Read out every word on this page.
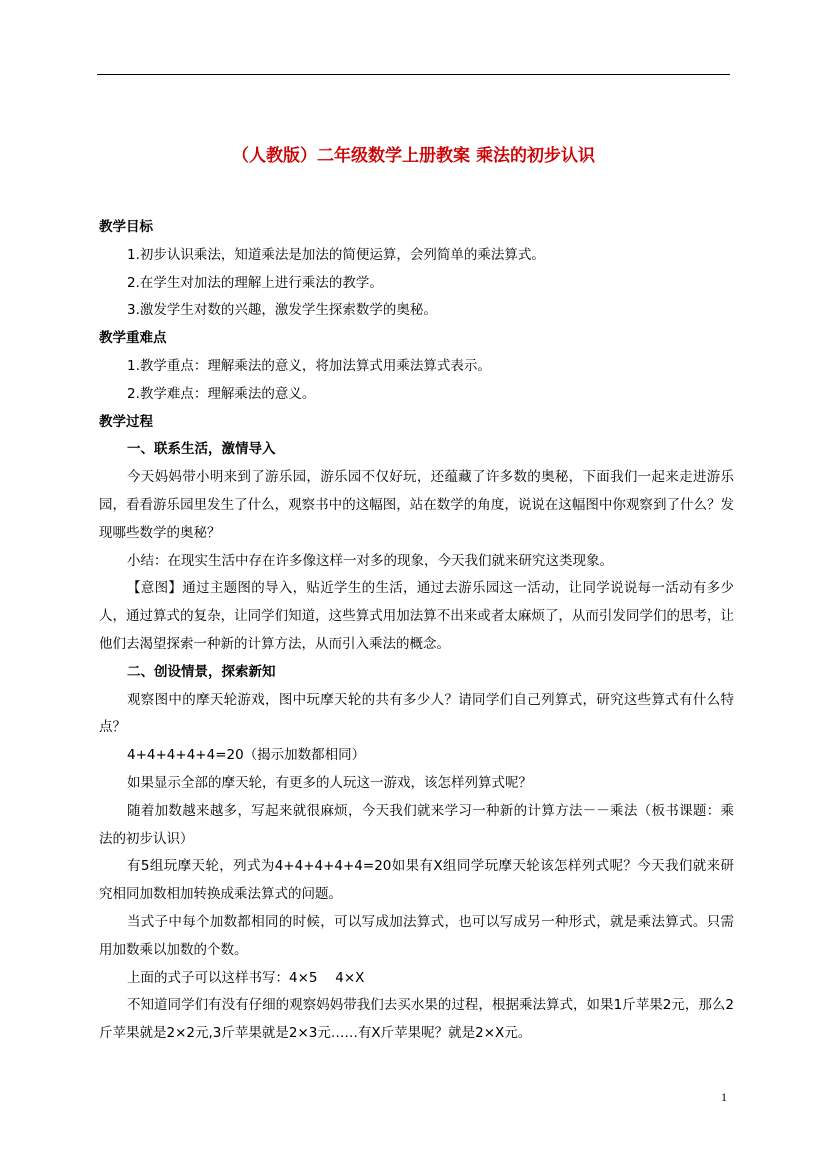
（人教版）二年级数学上册教案 乘法的初步认识
教学目标
1.初步认识乘法，知道乘法是加法的简便运算，会列简单的乘法算式。
2.在学生对加法的理解上进行乘法的教学。
3.激发学生对数的兴趣，激发学生探索数学的奥秘。
教学重难点
1.教学重点：理解乘法的意义，将加法算式用乘法算式表示。
2.教学难点：理解乘法的意义。
教学过程
一、联系生活，激情导入
今天妈妈带小明来到了游乐园，游乐园不仅好玩，还蕴藏了许多数的奥秘，下面我们一起来走进游乐园，看看游乐园里发生了什么，观察书中的这幅图，站在数学的角度，说说在这幅图中你观察到了什么？发现哪些数学的奥秘？
小结：在现实生活中存在许多像这样一对多的现象，今天我们就来研究这类现象。
【意图】通过主题图的导入，贴近学生的生活，通过去游乐园这一活动，让同学说说每一活动有多少人，通过算式的复杂，让同学们知道，这些算式用加法算不出来或者太麻烦了，从而引发同学们的思考，让他们去渴望探索一种新的计算方法，从而引入乘法的概念。
二、创设情景，探索新知
观察图中的摩天轮游戏，图中玩摩天轮的共有多少人？请同学们自己列算式，研究这些算式有什么特点？
4+4+4+4+4=20（揭示加数都相同）
如果显示全部的摩天轮，有更多的人玩这一游戏，该怎样列算式呢？
随着加数越来越多，写起来就很麻烦，今天我们就来学习一种新的计算方法－－乘法（板书课题：乘法的初步认识）
有5组玩摩天轮，列式为4+4+4+4+4=20如果有X组同学玩摩天轮该怎样列式呢？今天我们就来研究相同加数相加转换成乘法算式的问题。
当式子中每个加数都相同的时候，可以写成加法算式，也可以写成另一种形式，就是乘法算式。只需用加数乘以加数的个数。
上面的式子可以这样书写：4×5　 4×X
不知道同学们有没有仔细的观察妈妈带我们去买水果的过程，根据乘法算式，如果1斤苹果2元，那么2斤苹果就是2×2元,3斤苹果就是2×3元……有X斤苹果呢？就是2×X元。
1
